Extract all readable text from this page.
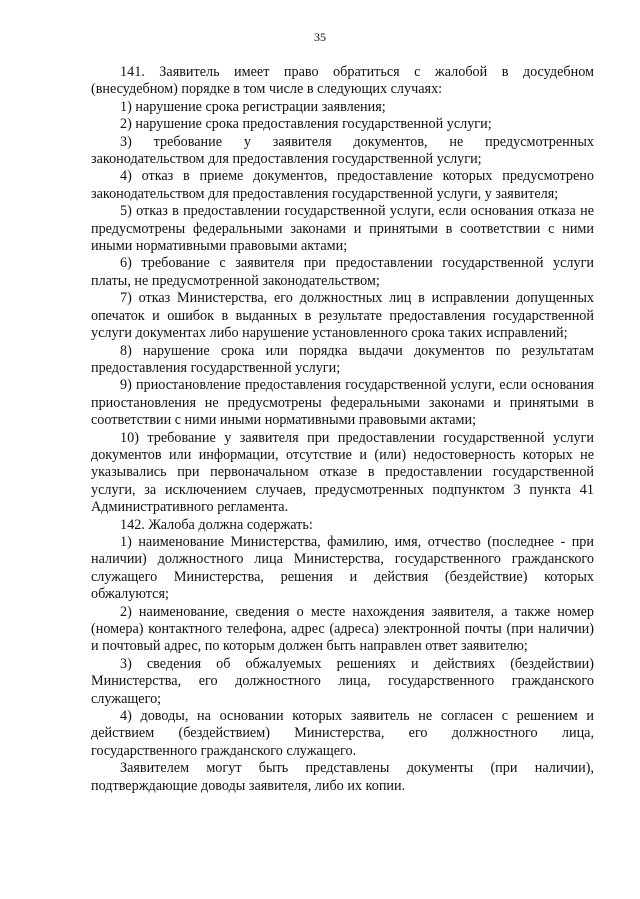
35

141. Заявитель имеет право обратиться с жалобой в досудебном (внесудебном) порядке в том числе в следующих случаях:

1) нарушение срока регистрации заявления;

2) нарушение срока предоставления государственной услуги;

3) требование у заявителя документов, не предусмотренных законодательством для предоставления государственной услуги;

4) отказ в приеме документов, предоставление которых предусмотрено законодательством для предоставления государственной услуги, у заявителя;

5) отказ в предоставлении государственной услуги, если основания отказа не предусмотрены федеральными законами и принятыми в соответствии с ними иными нормативными правовыми актами;

6) требование с заявителя при предоставлении государственной услуги платы, не предусмотренной законодательством;

7) отказ Министерства, его должностных лиц в исправлении допущенных опечаток и ошибок в выданных в результате предоставления государственной услуги документах либо нарушение установленного срока таких исправлений;

8) нарушение срока или порядка выдачи документов по результатам предоставления государственной услуги;

9) приостановление предоставления государственной услуги, если основания приостановления не предусмотрены федеральными законами и принятыми в соответствии с ними иными нормативными правовыми актами;

10) требование у заявителя при предоставлении государственной услуги документов или информации, отсутствие и (или) недостоверность которых не указывались при первоначальном отказе в предоставлении государственной услуги, за исключением случаев, предусмотренных подпунктом 3 пункта 41 Административного регламента.

142. Жалоба должна содержать:

1) наименование Министерства, фамилию, имя, отчество (последнее - при наличии) должностного лица Министерства, государственного гражданского служащего Министерства, решения и действия (бездействие) которых обжалуются;

2) наименование, сведения о месте нахождения заявителя, а также номер (номера) контактного телефона, адрес (адреса) электронной почты (при наличии) и почтовый адрес, по которым должен быть направлен ответ заявителю;

3) сведения об обжалуемых решениях и действиях (бездействии) Министерства, его должностного лица, государственного гражданского служащего;

4) доводы, на основании которых заявитель не согласен с решением и действием (бездействием) Министерства, его должностного лица, государственного гражданского служащего.

Заявителем могут быть представлены документы (при наличии), подтверждающие доводы заявителя, либо их копии.
